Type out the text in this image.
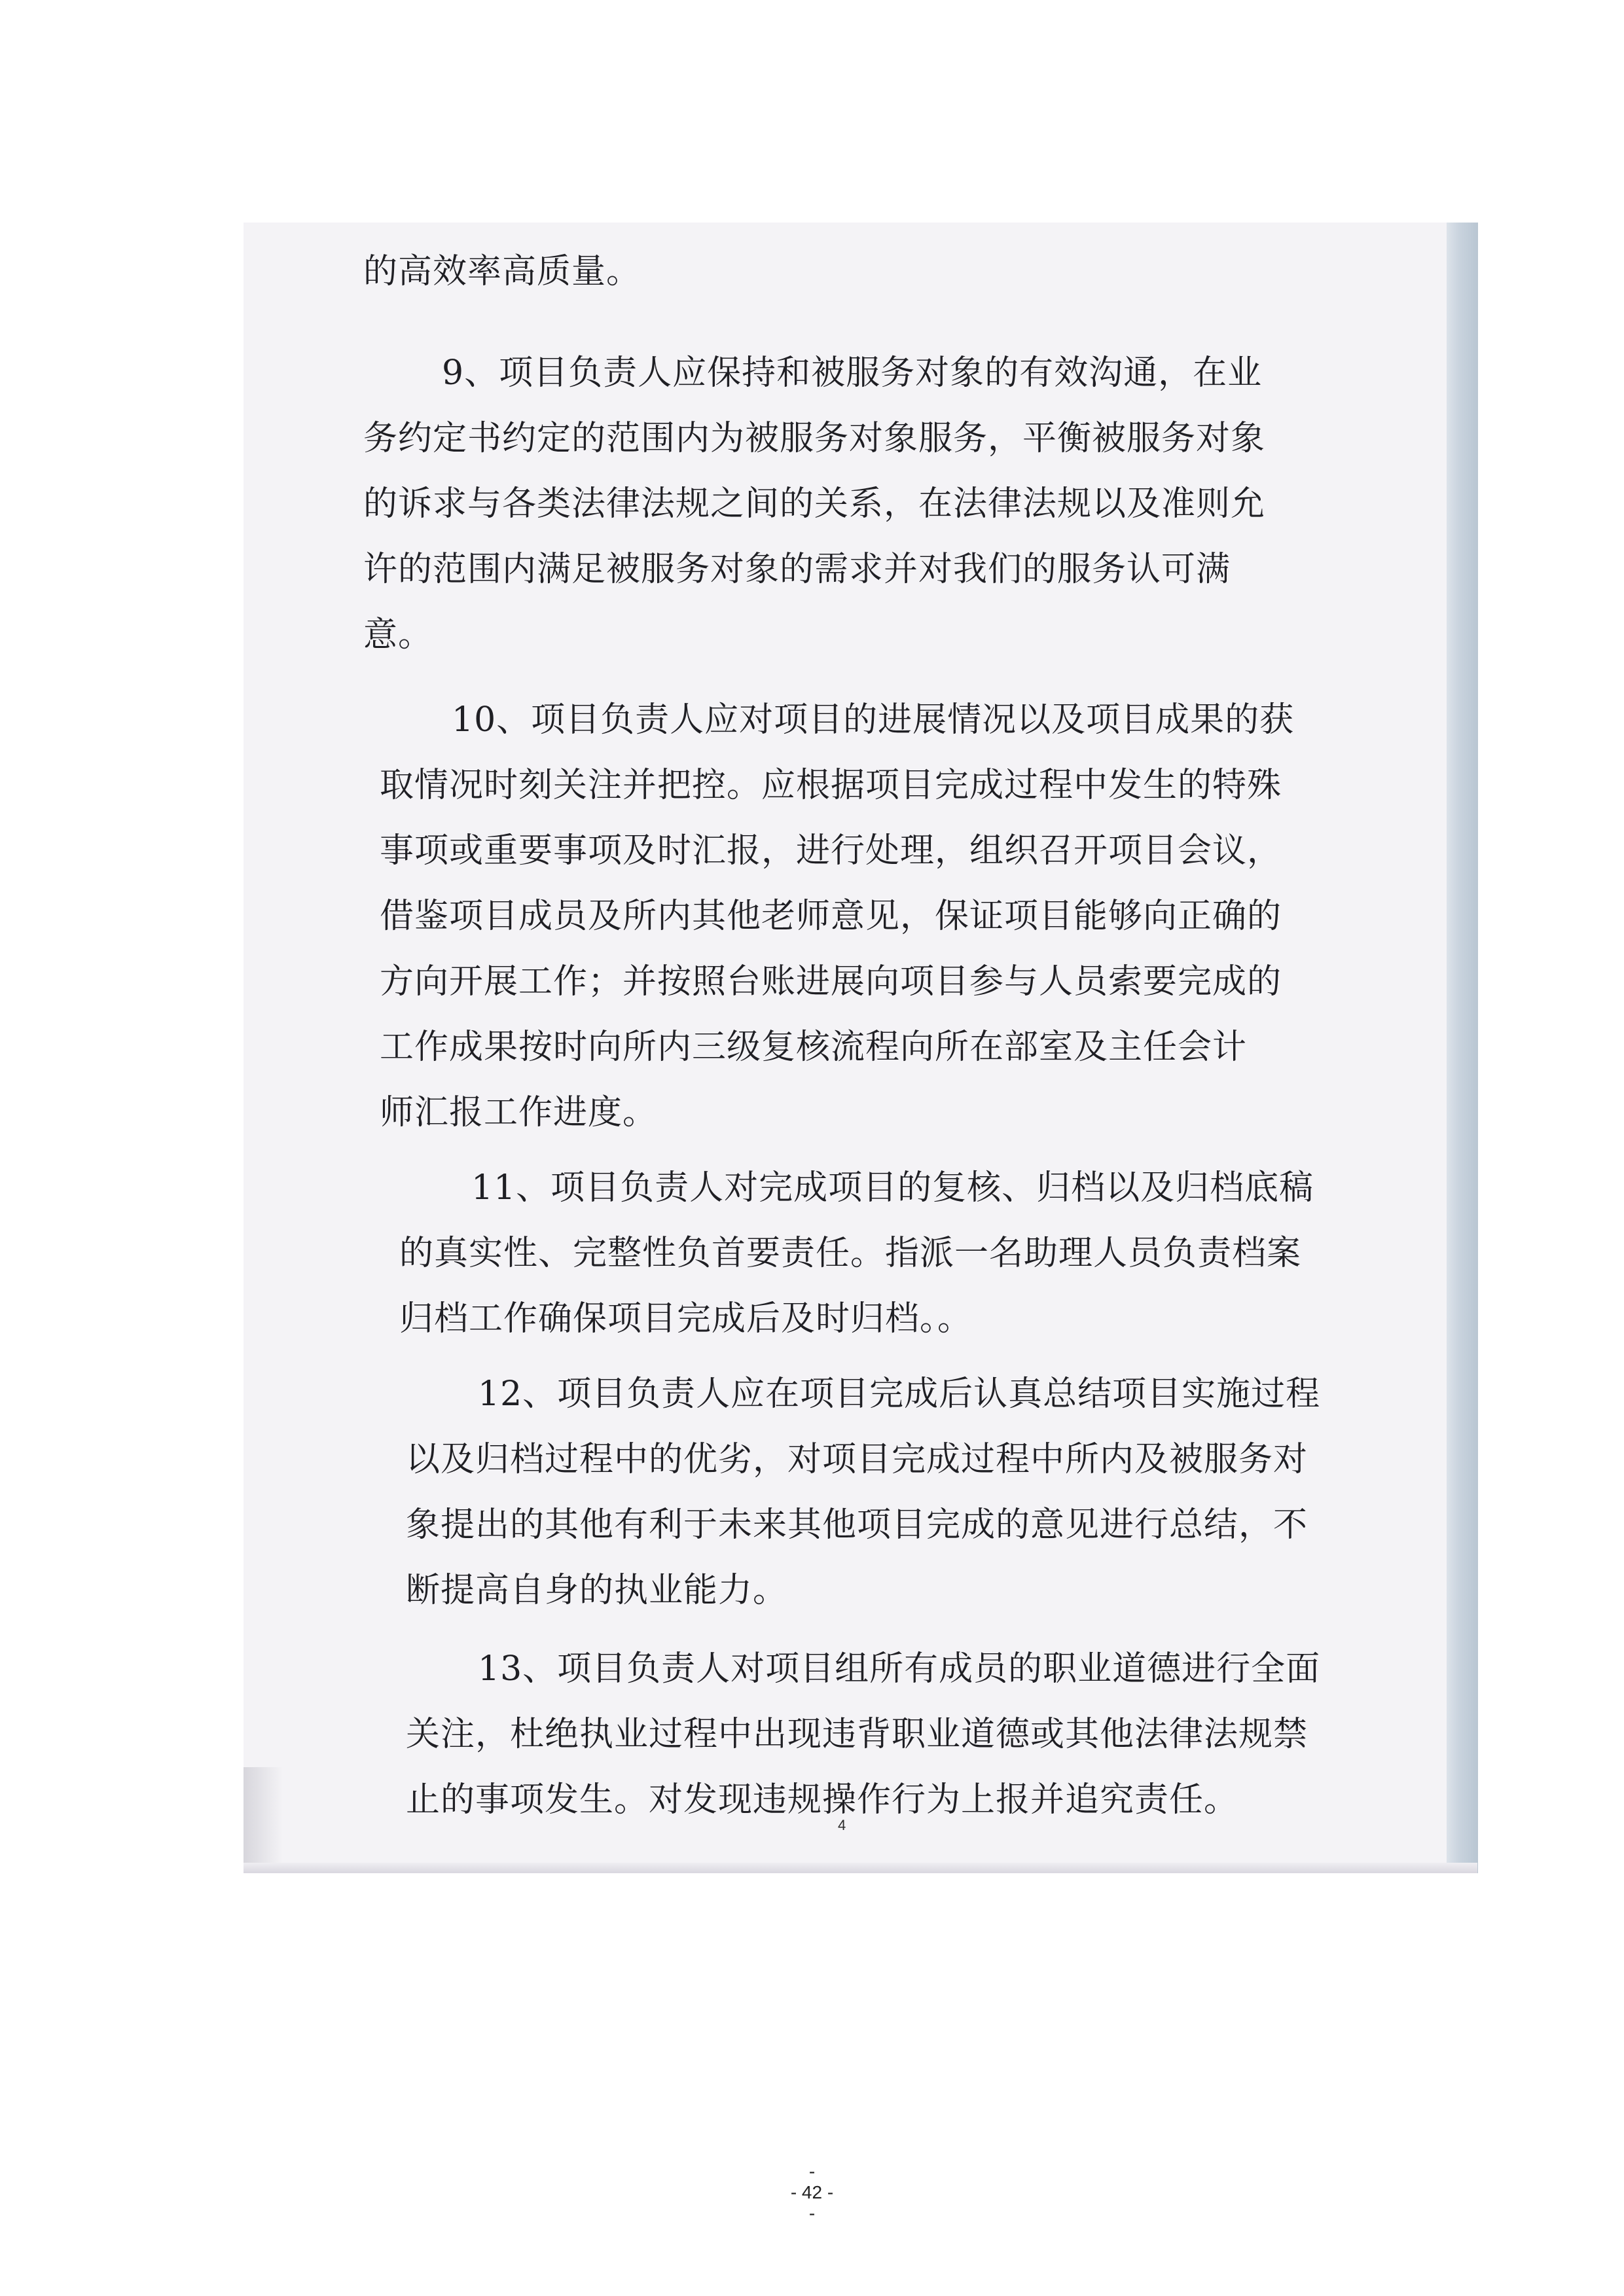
的高效率高质量。
9、项目负责人应保持和被服务对象的有效沟通，在业
务约定书约定的范围内为被服务对象服务，平衡被服务对象
的诉求与各类法律法规之间的关系，在法律法规以及准则允
许的范围内满足被服务对象的需求并对我们的服务认可满
意。
10、项目负责人应对项目的进展情况以及项目成果的获
取情况时刻关注并把控。应根据项目完成过程中发生的特殊
事项或重要事项及时汇报，进行处理，组织召开项目会议，
借鉴项目成员及所内其他老师意见，保证项目能够向正确的
方向开展工作；并按照台账进展向项目参与人员索要完成的
工作成果按时向所内三级复核流程向所在部室及主任会计
师汇报工作进度。
11、项目负责人对完成项目的复核、归档以及归档底稿
的真实性、完整性负首要责任。指派一名助理人员负责档案
归档工作确保项目完成后及时归档。。
12、项目负责人应在项目完成后认真总结项目实施过程
以及归档过程中的优劣，对项目完成过程中所内及被服务对
象提出的其他有利于未来其他项目完成的意见进行总结，不
断提高自身的执业能力。
13、项目负责人对项目组所有成员的职业道德进行全面
关注，杜绝执业过程中出现违背职业道德或其他法律法规禁
止的事项发生。对发现违规操作行为上报并追究责任。
4
-
- 42 -
-
